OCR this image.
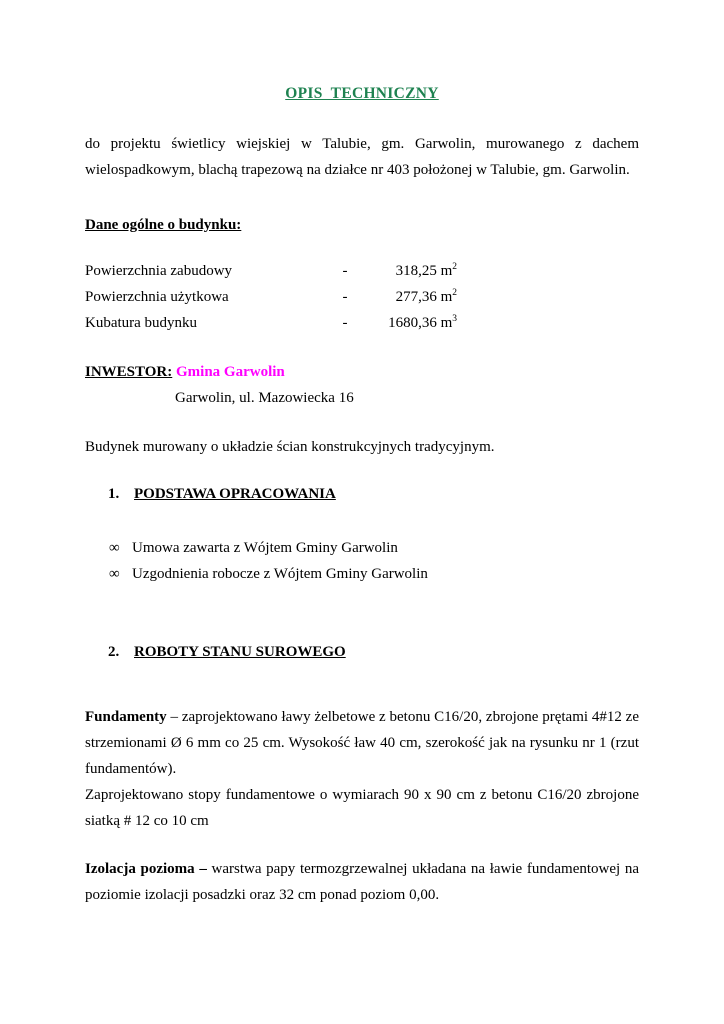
OPIS  TECHNICZNY

do projektu świetlicy wiejskiej w Talubie, gm. Garwolin, murowanego z dachem wielospadkowym, blachą trapezową na działce nr 403 położonej w Talubie, gm. Garwolin.

Dane ogólne o budynku:
Powierzchnia zabudowy	-	318,25 $m^2$
Powierzchnia użytkowa	-	277,36 $m^2$
Kubatura budynku	-	1680,36 $m^3$
INWESTOR: Gmina Garwolin
Garwolin, ul. Mazowiecka 16
Budynek murowany o układzie ścian konstrukcyjnych tradycyjnym.
1. PODSTAWA OPRACOWANIA
∞ Umowa zawarta z Wójtem Gminy Garwolin
∞ Uzgodnienia robocze z Wójtem Gminy Garwolin
2. ROBOTY STANU SUROWEGO

Fundamenty – zaprojektowano ławy żelbetowe z betonu C16/20, zbrojone prętami 4#12 ze strzemionami Ø 6 mm co 25 cm. Wysokość ław 40 cm, szerokość jak na rysunku nr 1 (rzut fundamentów).

Zaprojektowano stopy fundamentowe o wymiarach 90 x 90 cm z betonu C16/20 zbrojone siatką # 12 co 10 cm

Izolacja pozioma – warstwa papy termozgrzewalnej układana na ławie fundamentowej na poziomie izolacji posadzki oraz 32 cm ponad poziom 0,00.
